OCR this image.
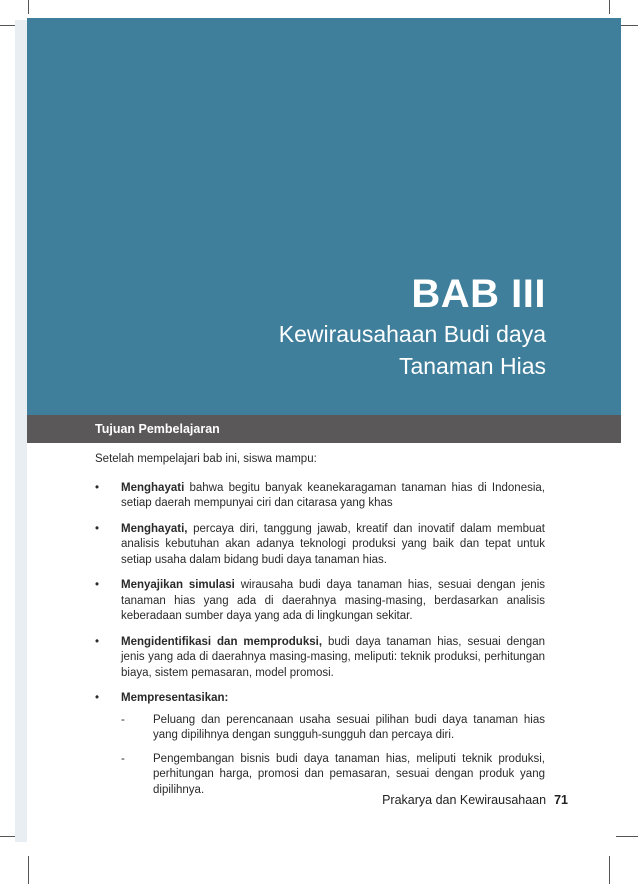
BAB III
Kewirausahaan Budi daya
Tanaman Hias
Tujuan Pembelajaran

Setelah mempelajari bab ini, siswa mampu:

• Menghayati bahwa begitu banyak keanekaragaman tanaman hias di Indonesia, setiap daerah mempunyai ciri dan citarasa yang khas
• Menghayati, percaya diri, tanggung jawab, kreatif dan inovatif dalam membuat analisis kebutuhan akan adanya teknologi produksi yang baik dan tepat untuk setiap usaha dalam bidang budi daya tanaman hias.
• Menyajikan simulasi wirausaha budi daya tanaman hias, sesuai dengan jenis tanaman hias yang ada di daerahnya masing-masing, berdasarkan analisis keberadaan sumber daya yang ada di lingkungan sekitar.
• Mengidentifikasi dan memproduksi, budi daya tanaman hias, sesuai dengan jenis yang ada di daerahnya masing-masing, meliputi: teknik produksi, perhitungan biaya, sistem pemasaran, model promosi.
• Mempresentasikan:
- Peluang dan perencanaan usaha sesuai pilihan budi daya tanaman hias yang dipilihnya dengan sungguh-sungguh dan percaya diri.
- Pengembangan bisnis budi daya tanaman hias, meliputi teknik produksi, perhitungan harga, promosi dan pemasaran, sesuai dengan produk yang dipilihnya.
Prakarya dan Kewirausahaan 71
